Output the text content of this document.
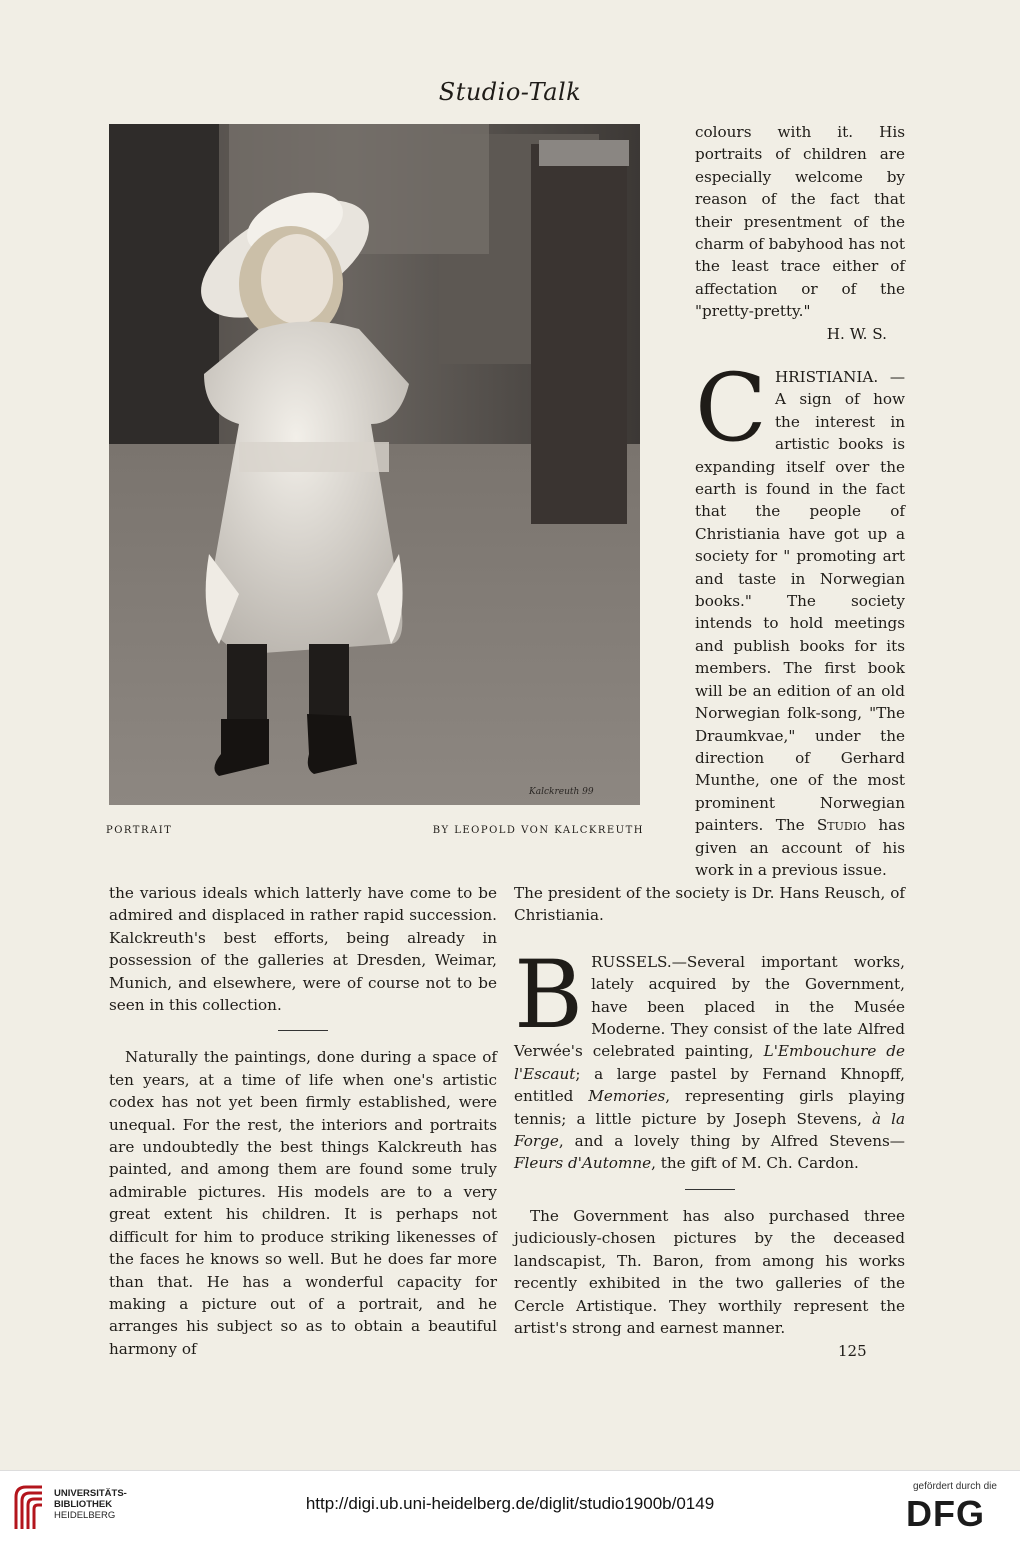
Studio-Talk
Kalckreuth 99
PORTRAIT	BY LEOPOLD VON KALCKREUTH

colours with it. His portraits of children are especially welcome by reason of the fact that their presentment of the charm of babyhood has not the least trace either of affectation or of the "pretty-pretty."

H. W. S.

C HRISTIANIA. — A sign of how the interest in artistic books is expanding itself over the earth is found in the fact that the people of Christiania have got up a society for " promoting art and taste in Norwegian books." The society intends to hold meetings and publish books for its members. The first book will be an edition of an old Norwegian folk-song, "The Draumkvae," under the direction of Gerhard Munthe, one of the most prominent Norwegian painters. The Studio has given an account of his work in a previous issue.

the various ideals which latterly have come to be admired and displaced in rather rapid succession. Kalckreuth's best efforts, being already in possession of the galleries at Dresden, Weimar, Munich, and elsewhere, were of course not to be seen in this collection.

Naturally the paintings, done during a space of ten years, at a time of life when one's artistic codex has not yet been firmly established, were unequal. For the rest, the interiors and portraits are undoubtedly the best things Kalckreuth has painted, and among them are found some truly admirable pictures. His models are to a very great extent his children. It is perhaps not difficult for him to produce striking likenesses of the faces he knows so well. But he does far more than that. He has a wonderful capacity for making a picture out of a portrait, and he arranges his subject so as to obtain a beautiful harmony of

The president of the society is Dr. Hans Reusch, of Christiania.

B RUSSELS.—Several important works, lately acquired by the Government, have been placed in the Musée Moderne. They consist of the late Alfred Verwée's celebrated painting, L'Embouchure de l'Escaut; a large pastel by Fernand Khnopff, entitled Memories, representing girls playing tennis; a little picture by Joseph Stevens, à la Forge, and a lovely thing by Alfred Stevens—Fleurs d'Automne, the gift of M. Ch. Cardon.

The Government has also purchased three judiciously-chosen pictures by the deceased landscapist, Th. Baron, from among his works recently exhibited in the two galleries of the Cercle Artistique. They worthily represent the artist's strong and earnest manner.

125
UNIVERSITÄTS-
BIBLIOTHEK
HEIDELBERG
http://digi.ub.uni-heidelberg.de/diglit/studio1900b/0149
gefördert durch die
DFG
